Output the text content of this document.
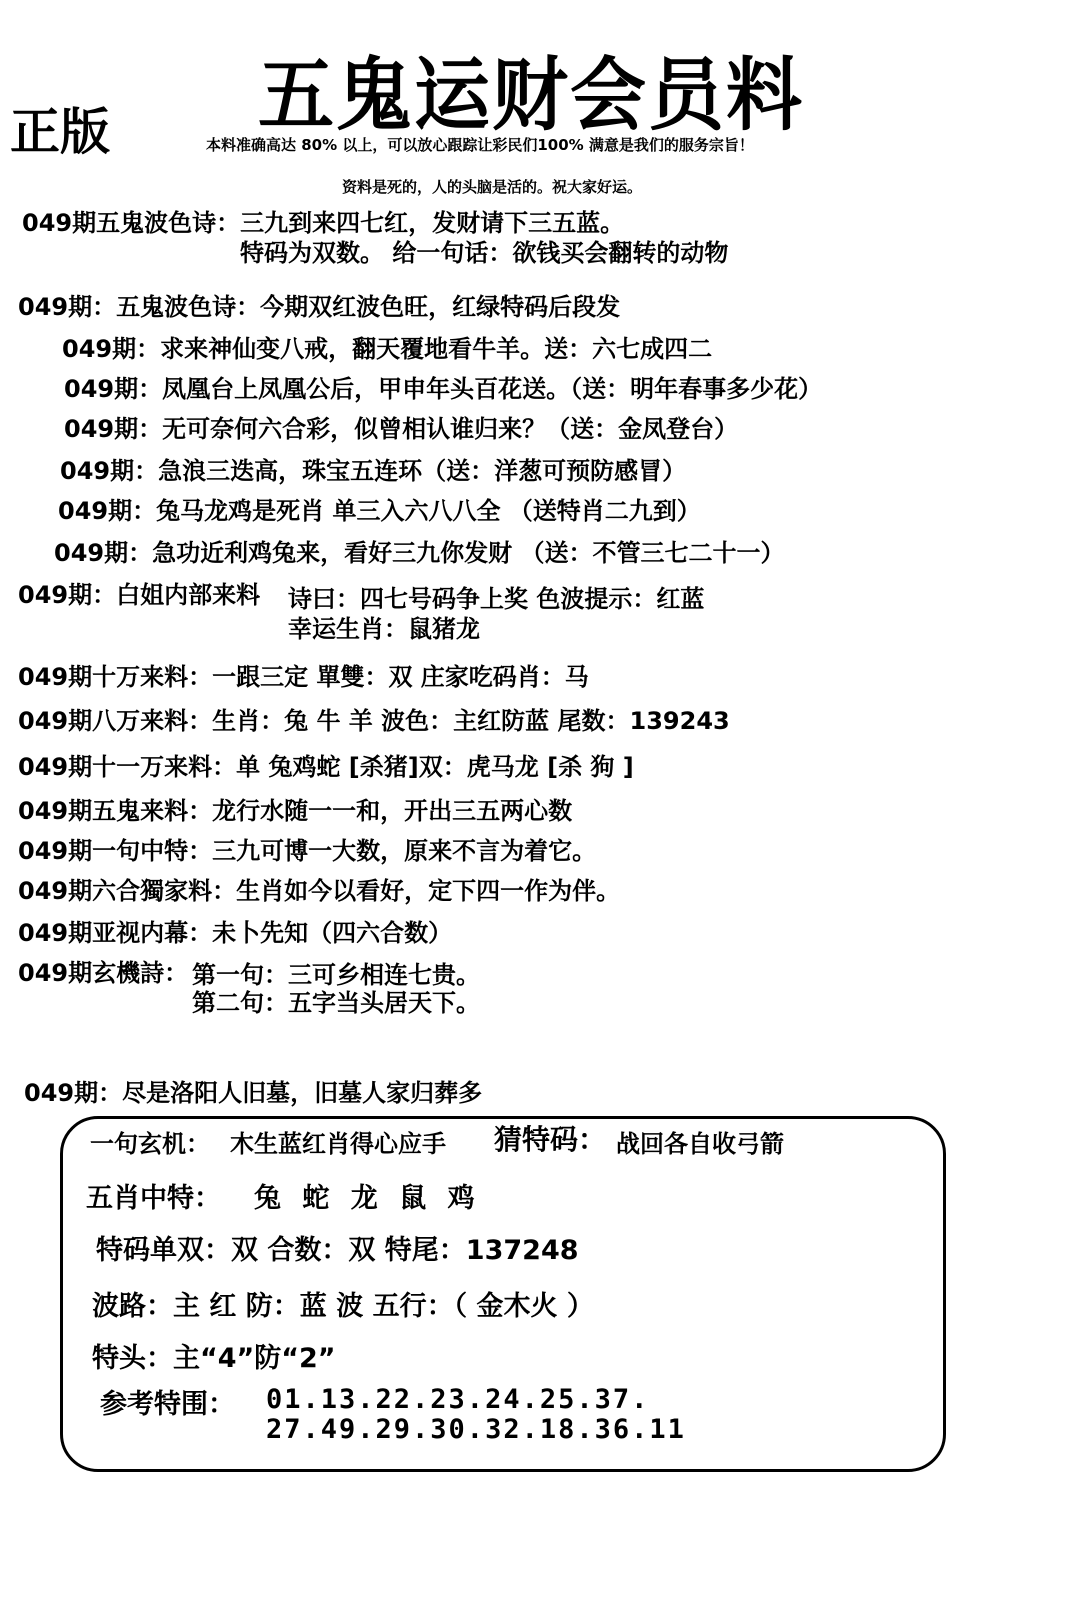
五鬼运财会员料
正版	本料准确高达 80% 以上，可以放心跟踪让彩民们100% 满意是我们的服务宗旨！
资料是死的，人的头脑是活的。祝大家好运。
049期五鬼波色诗：三九到来四七红，发财请下三五蓝。
特码为双数。 给一句话：欲钱买会翻转的动物
049期：五鬼波色诗：今期双红波色旺，红绿特码后段发
049期：求来神仙变八戒，翻天覆地看牛羊。送：六七成四二
049期：凤凰台上凤凰公后，甲申年头百花送。（送：明年春事多少花）
049期：无可奈何六合彩，似曾相认谁归来？（送：金凤登台）
049期：急浪三迭高，珠宝五连环（送：洋葱可预防感冒）
049期：兔马龙鸡是死肖 单三入六八八全 （送特肖二九到）
049期：急功近利鸡兔来，看好三九你发财 （送：不管三七二十一）
049期：白姐内部来料 诗曰：四七号码争上奖 色波提示：红蓝
幸运生肖：鼠猪龙
049期十万来料：一跟三定 單雙：双 庄家吃码肖：马
049期八万来料：生肖：兔 牛 羊 波色：主红防蓝 尾数：139243
049期十一万来料：单 兔鸡蛇 [杀猪]双：虎马龙 [杀 狗 ]
049期五鬼来料：龙行水随一一和，开出三五两心数
049期一句中特：三九可博一大数，原来不言为着它。
049期六合獨家料：生肖如今以看好，定下四一作为伴。
049期亚视内幕：未卜先知（四六合数）
049期玄機詩： 第一句：三可乡相连七贵。
第二句：五字当头居天下。
049期：尽是洛阳人旧墓，旧墓人家归葬多
一句玄机： 木生蓝红肖得心应手 猜特码： 战回各自收弓箭
五肖中特： 兔 蛇 龙 鼠 鸡
特码单双：双 合数：双 特尾：137248
波路：主 红 防：蓝 波 五行：（ 金木火 ）
特头：主“4”防“2”
参考特围： 01.13.22.23.24.25.37.
27.49.29.30.32.18.36.11
